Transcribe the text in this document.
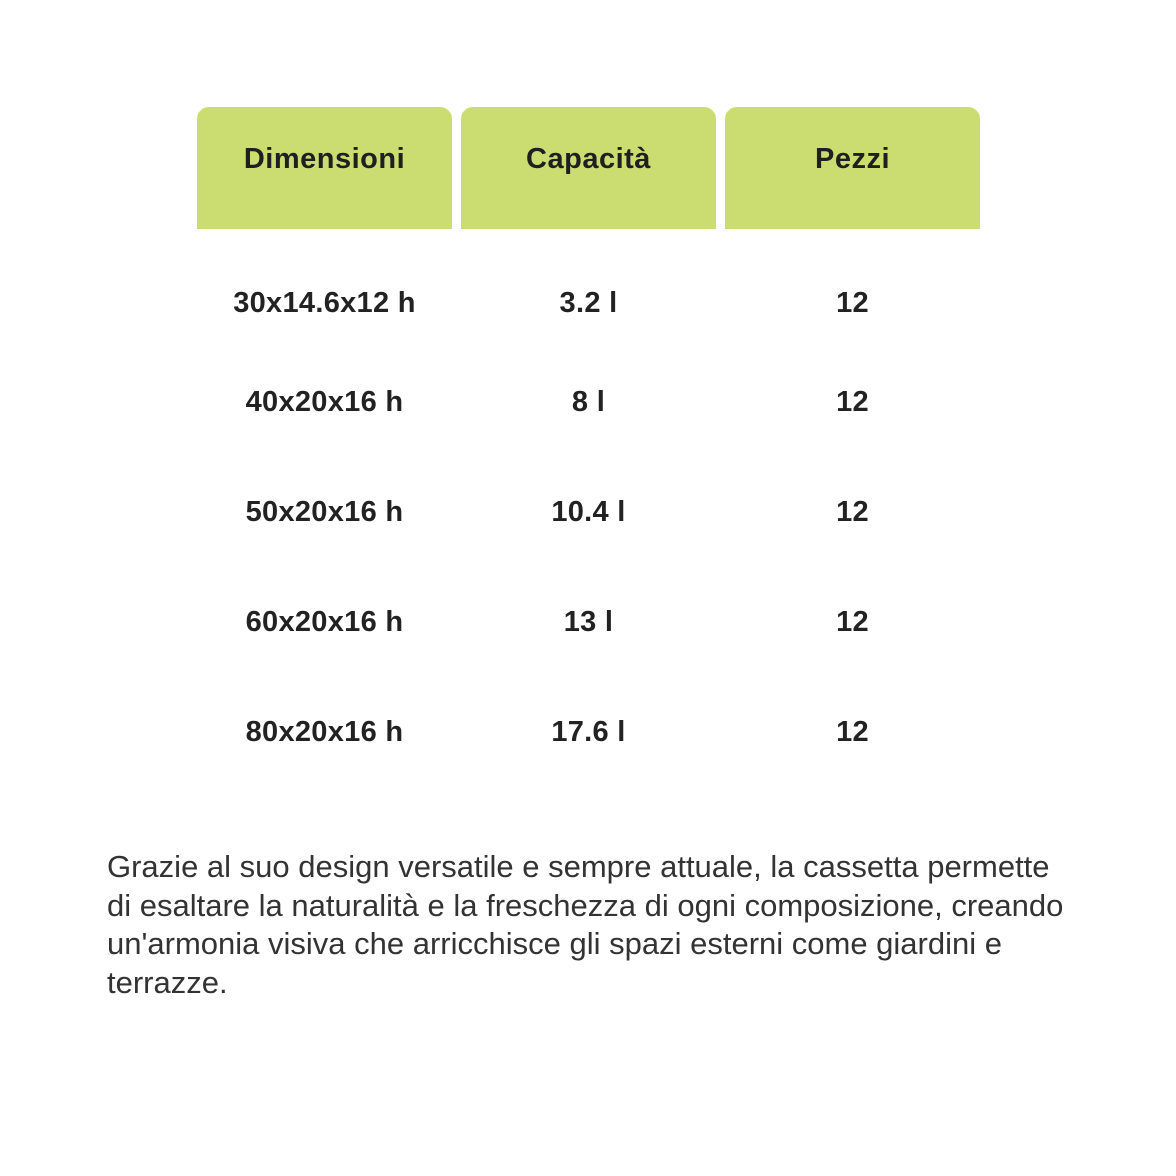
Dimensioni	Capacità	Pezzi
30x14.6x12 h	3.2 l	12
40x20x16 h	8 l	12
50x20x16 h	10.4 l	12
60x20x16 h	13 l	12
80x20x16 h	17.6 l	12

Grazie al suo design versatile e sempre attuale, la cassetta permette di esaltare la naturalità e la freschezza di ogni composizione, creando un'armonia visiva che arricchisce gli spazi esterni come giardini e terrazze.
